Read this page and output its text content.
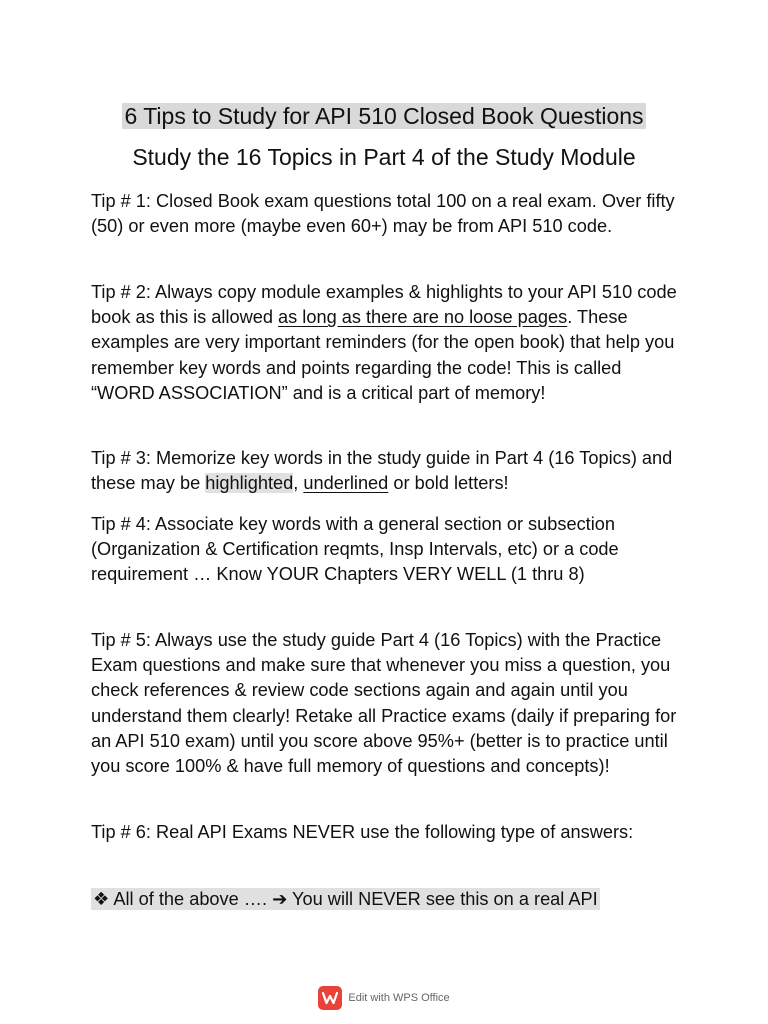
6 Tips to Study for API 510 Closed Book Questions
Study the 16 Topics in Part 4 of the Study Module
Tip # 1: Closed Book exam questions total 100 on a real exam. Over fifty (50) or even more (maybe even 60+) may be from API 510 code.
Tip # 2: Always copy module examples & highlights to your API 510 code book as this is allowed as long as there are no loose pages. These examples are very important reminders (for the open book) that help you remember key words and points regarding the code! This is called “WORD ASSOCIATION” and is a critical part of memory!
Tip # 3: Memorize key words in the study guide in Part 4 (16 Topics) and these may be highlighted, underlined or bold letters!
Tip # 4: Associate key words with a general section or subsection (Organization & Certification reqmts, Insp Intervals, etc) or a code requirement … Know YOUR Chapters VERY WELL (1 thru 8)
Tip # 5: Always use the study guide Part 4 (16 Topics) with the Practice Exam questions and make sure that whenever you miss a question, you check references & review code sections again and again until you understand them clearly! Retake all Practice exams (daily if preparing for an API 510 exam) until you score above 95%+ (better is to practice until you score 100% & have full memory of questions and concepts)!
Tip # 6: Real API Exams NEVER use the following type of answers:
❖ All of the above …. ➔ You will NEVER see this on a real API
Edit with WPS Office
